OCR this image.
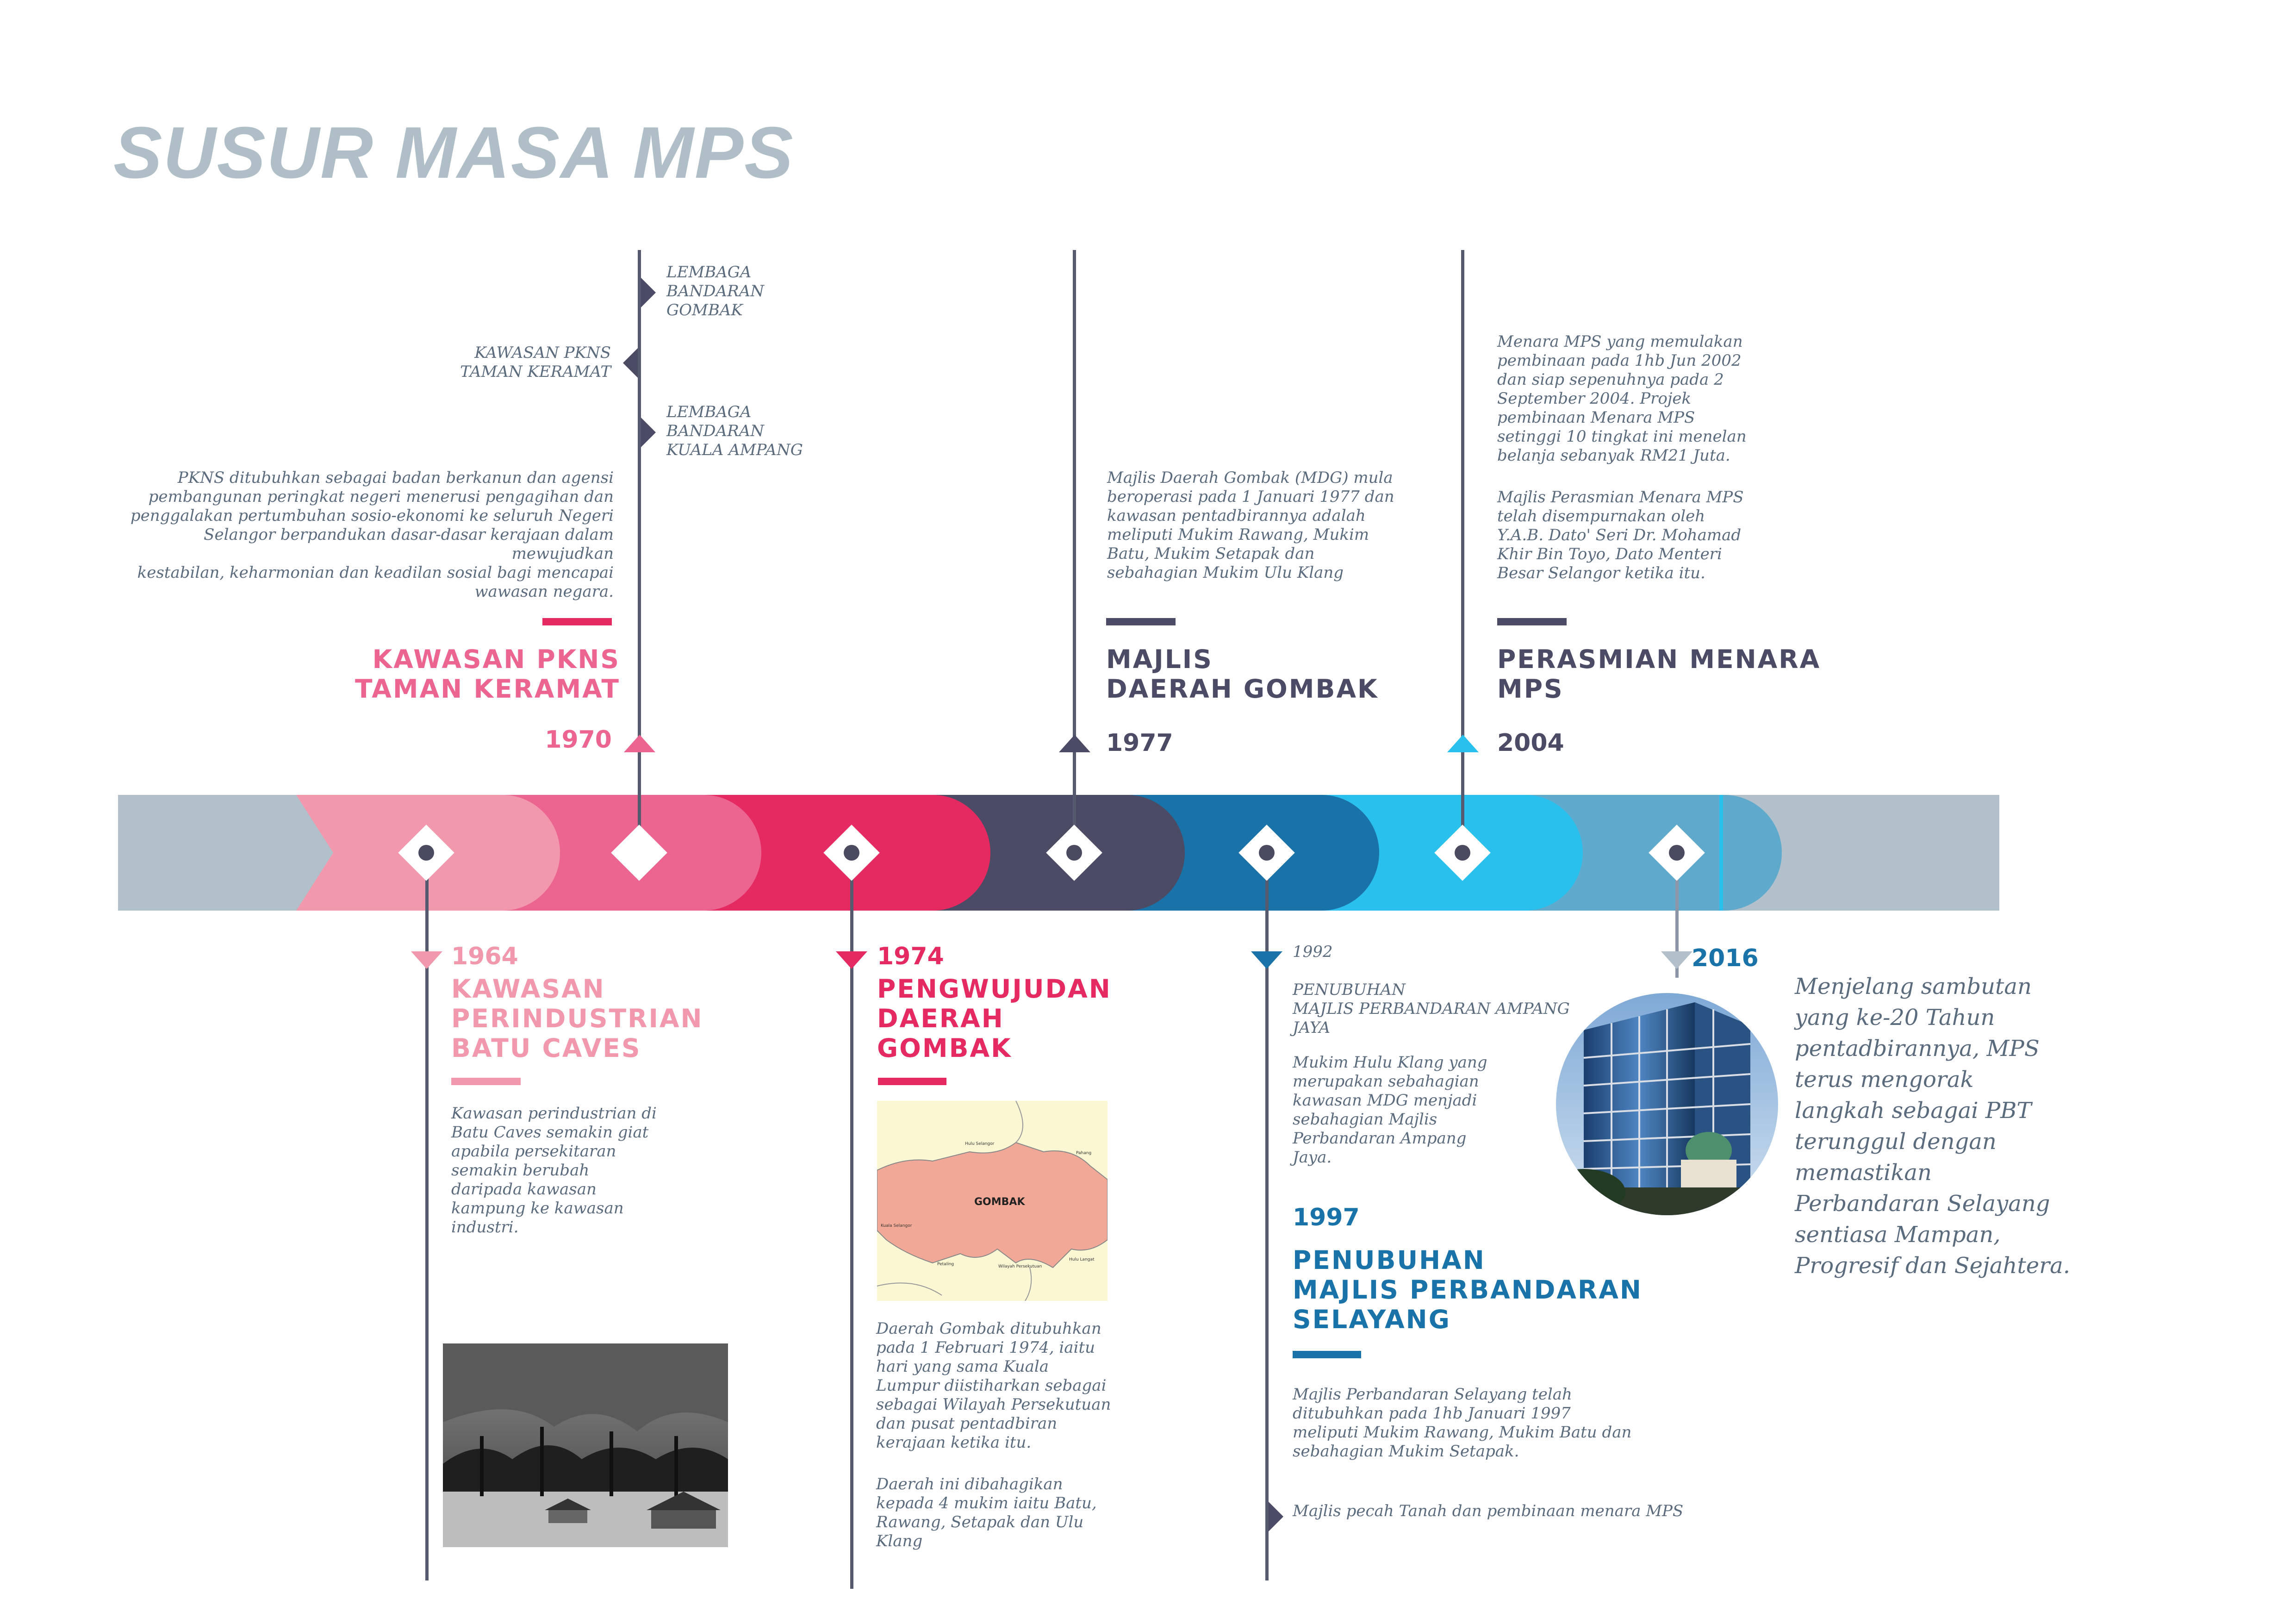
SUSUR MASA MPS
LEMBAGA
BANDARAN
GOMBAK
KAWASAN PKNS
TAMAN KERAMAT
LEMBAGA
BANDARAN
KUALA AMPANG
PKNS ditubuhkan sebagai badan berkanun dan agensi
pembangunan peringkat negeri menerusi pengagihan dan
penggalakan pertumbuhan sosio-ekonomi ke seluruh Negeri
Selangor berpandukan dasar-dasar kerajaan dalam mewujudkan
kestabilan, keharmonian dan keadilan sosial bagi mencapai
wawasan negara.
KAWASAN PKNS
TAMAN KERAMAT
1970
Majlis Daerah Gombak (MDG) mula
beroperasi pada 1 Januari 1977 dan
kawasan pentadbirannya adalah
meliputi Mukim Rawang, Mukim
Batu, Mukim Setapak dan
sebahagian Mukim Ulu Klang
MAJLIS
DAERAH GOMBAK
1977
Menara MPS yang memulakan
pembinaan pada 1hb Jun 2002
dan siap sepenuhnya pada 2
September 2004. Projek
pembinaan Menara MPS
setinggi 10 tingkat ini menelan
belanja sebanyak RM21 Juta.
Majlis Perasmian Menara MPS
telah disempurnakan oleh
Y.A.B. Dato' Seri Dr. Mohamad
Khir Bin Toyo, Dato Menteri
Besar Selangor ketika itu.
PERASMIAN MENARA
MPS
2004
1964
KAWASAN
PERINDUSTRIAN
BATU CAVES
Kawasan perindustrian di
Batu Caves semakin giat
apabila persekitaran
semakin berubah
daripada kawasan
kampung ke kawasan
industri.
1974
PENGWUJUDAN
DAERAH
GOMBAK
GOMBAK
Hulu Selangor
Pahang
Kuala Selangor
Petaling	Wilayah Persekutuan
Hulu Langat
Daerah Gombak ditubuhkan
pada 1 Februari 1974, iaitu
hari yang sama Kuala
Lumpur diistiharkan sebagai
sebagai Wilayah Persekutuan
dan pusat pentadbiran
kerajaan ketika itu.
Daerah ini dibahagikan
kepada 4 mukim iaitu Batu,
Rawang, Setapak dan Ulu
Klang
1992
PENUBUHAN
MAJLIS PERBANDARAN AMPANG
JAYA
Mukim Hulu Klang yang
merupakan sebahagian
kawasan MDG menjadi
sebahagian Majlis
Perbandaran Ampang
Jaya.
1997
PENUBUHAN
MAJLIS PERBANDARAN
SELAYANG
Majlis Perbandaran Selayang telah
ditubuhkan pada 1hb Januari 1997
meliputi Mukim Rawang, Mukim Batu dan
sebahagian Mukim Setapak.
Majlis pecah Tanah dan pembinaan menara MPS
2016
Menjelang sambutan
yang ke-20 Tahun
pentadbirannya, MPS
terus mengorak
langkah sebagai PBT
terunggul dengan
memastikan
Perbandaran Selayang
sentiasa Mampan,
Progresif dan Sejahtera.
